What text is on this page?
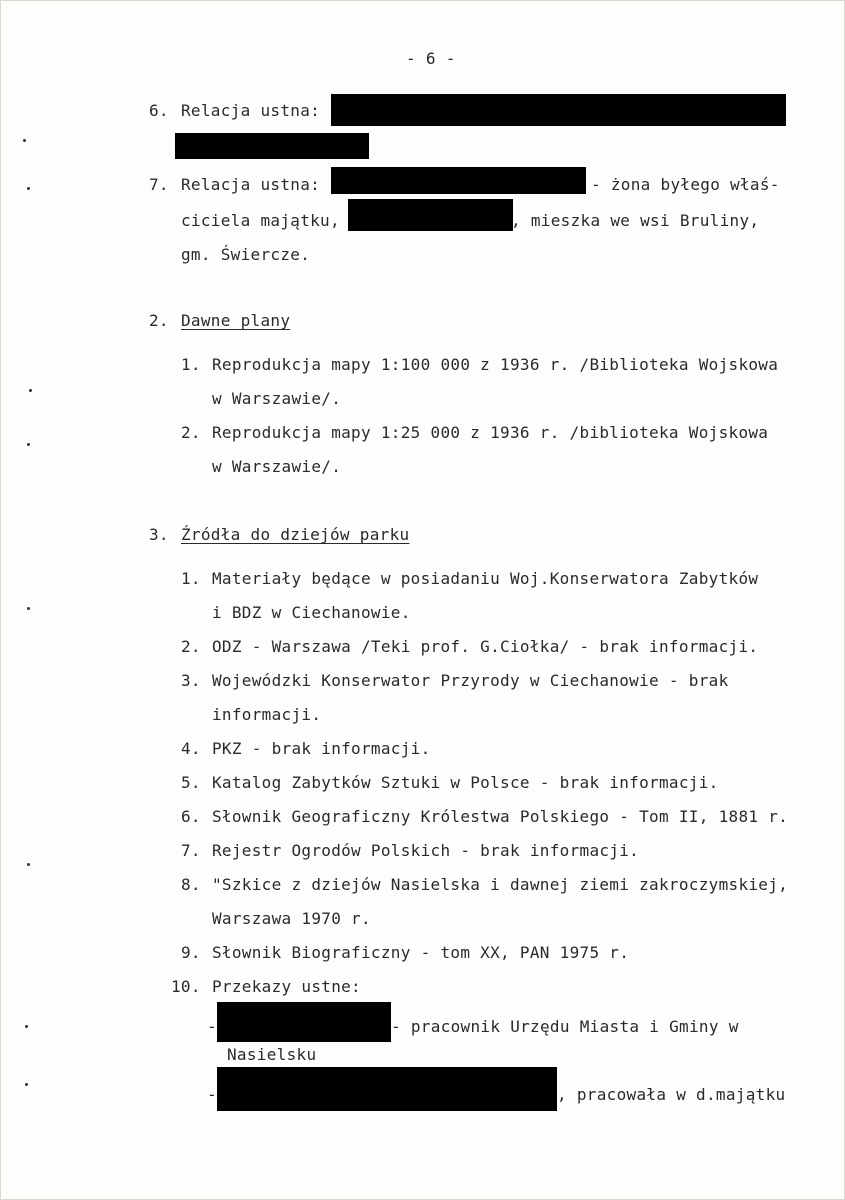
- 6 -
6. Relacja ustna:
7. Relacja ustna:	- żona byłego właś-
ciciela majątku,	, mieszka we wsi Bruliny,
gm. Świercze.
2. Dawne plany
1. Reprodukcja mapy 1:100 000 z 1936 r. /Biblioteka Wojskowa
w Warszawie/.
2. Reprodukcja mapy 1:25 000 z 1936 r. /biblioteka Wojskowa
w Warszawie/.
3. Źródła do dziejów parku
1. Materiały będące w posiadaniu Woj.Konserwatora Zabytków
i BDZ w Ciechanowie.
2. ODZ - Warszawa /Teki prof. G.Ciołka/ - brak informacji.
3. Wojewódzki Konserwator Przyrody w Ciechanowie - brak
informacji.
4. PKZ - brak informacji.
5. Katalog Zabytków Sztuki w Polsce - brak informacji.
6. Słownik Geograficzny Królestwa Polskiego - Tom II, 1881 r.
7. Rejestr Ogrodów Polskich - brak informacji.
8. "Szkice z dziejów Nasielska i dawnej ziemi zakroczymskiej,
Warszawa 1970 r.
9. Słownik Biograficzny - tom XX, PAN 1975 r.
10. Przekazy ustne:
-	- pracownik Urzędu Miasta i Gminy w
Nasielsku
-	, pracowała w d.majątku
